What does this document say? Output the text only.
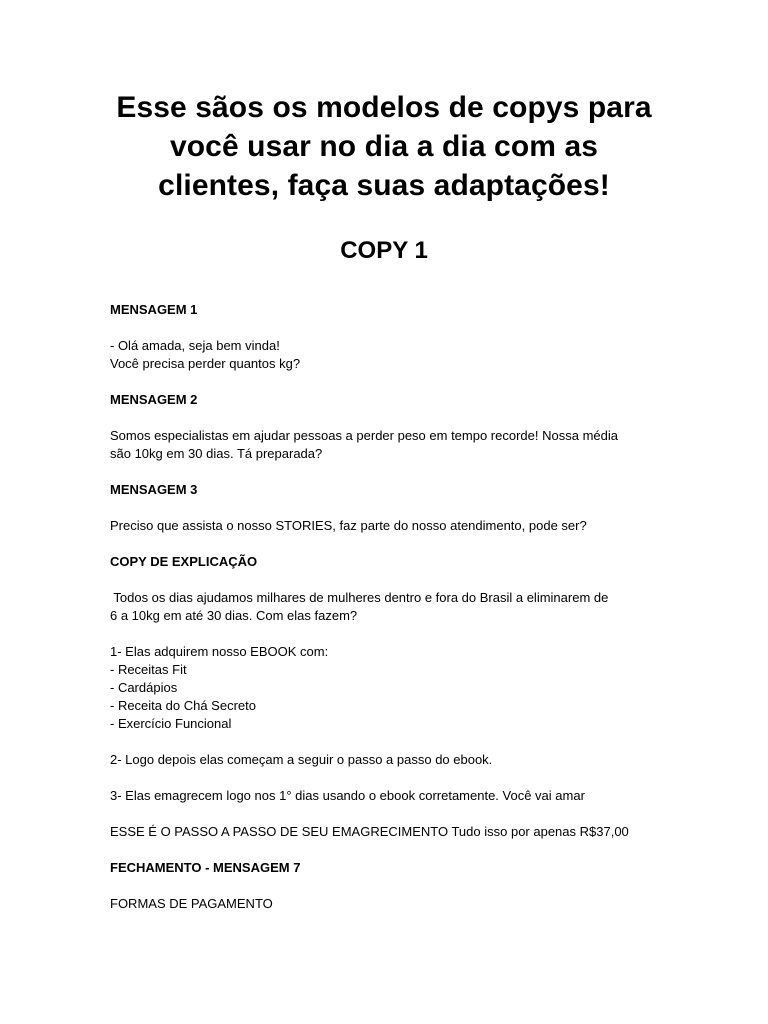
Esse sãos os modelos de copys para você usar no dia a dia com as clientes, faça suas adaptações!
COPY 1

MENSAGEM 1

- Olá amada, seja bem vinda!
Você precisa perder quantos kg?

MENSAGEM 2

Somos especialistas em ajudar pessoas a perder peso em tempo recorde! Nossa média
são 10kg em 30 dias. Tá preparada?

MENSAGEM 3

Preciso que assista o nosso STORIES, faz parte do nosso atendimento, pode ser?

COPY DE EXPLICAÇÃO

Todos os dias ajudamos milhares de mulheres dentro e fora do Brasil a eliminarem de
6 a 10kg em até 30 dias. Com elas fazem?

1- Elas adquirem nosso EBOOK com:
- Receitas Fit
- Cardápios
- Receita do Chá Secreto
- Exercício Funcional

2- Logo depois elas começam a seguir o passo a passo do ebook.

3- Elas emagrecem logo nos 1° dias usando o ebook corretamente. Você vai amar

ESSE É O PASSO A PASSO DE SEU EMAGRECIMENTO Tudo isso por apenas R$37,00

FECHAMENTO - MENSAGEM 7

FORMAS DE PAGAMENTO
